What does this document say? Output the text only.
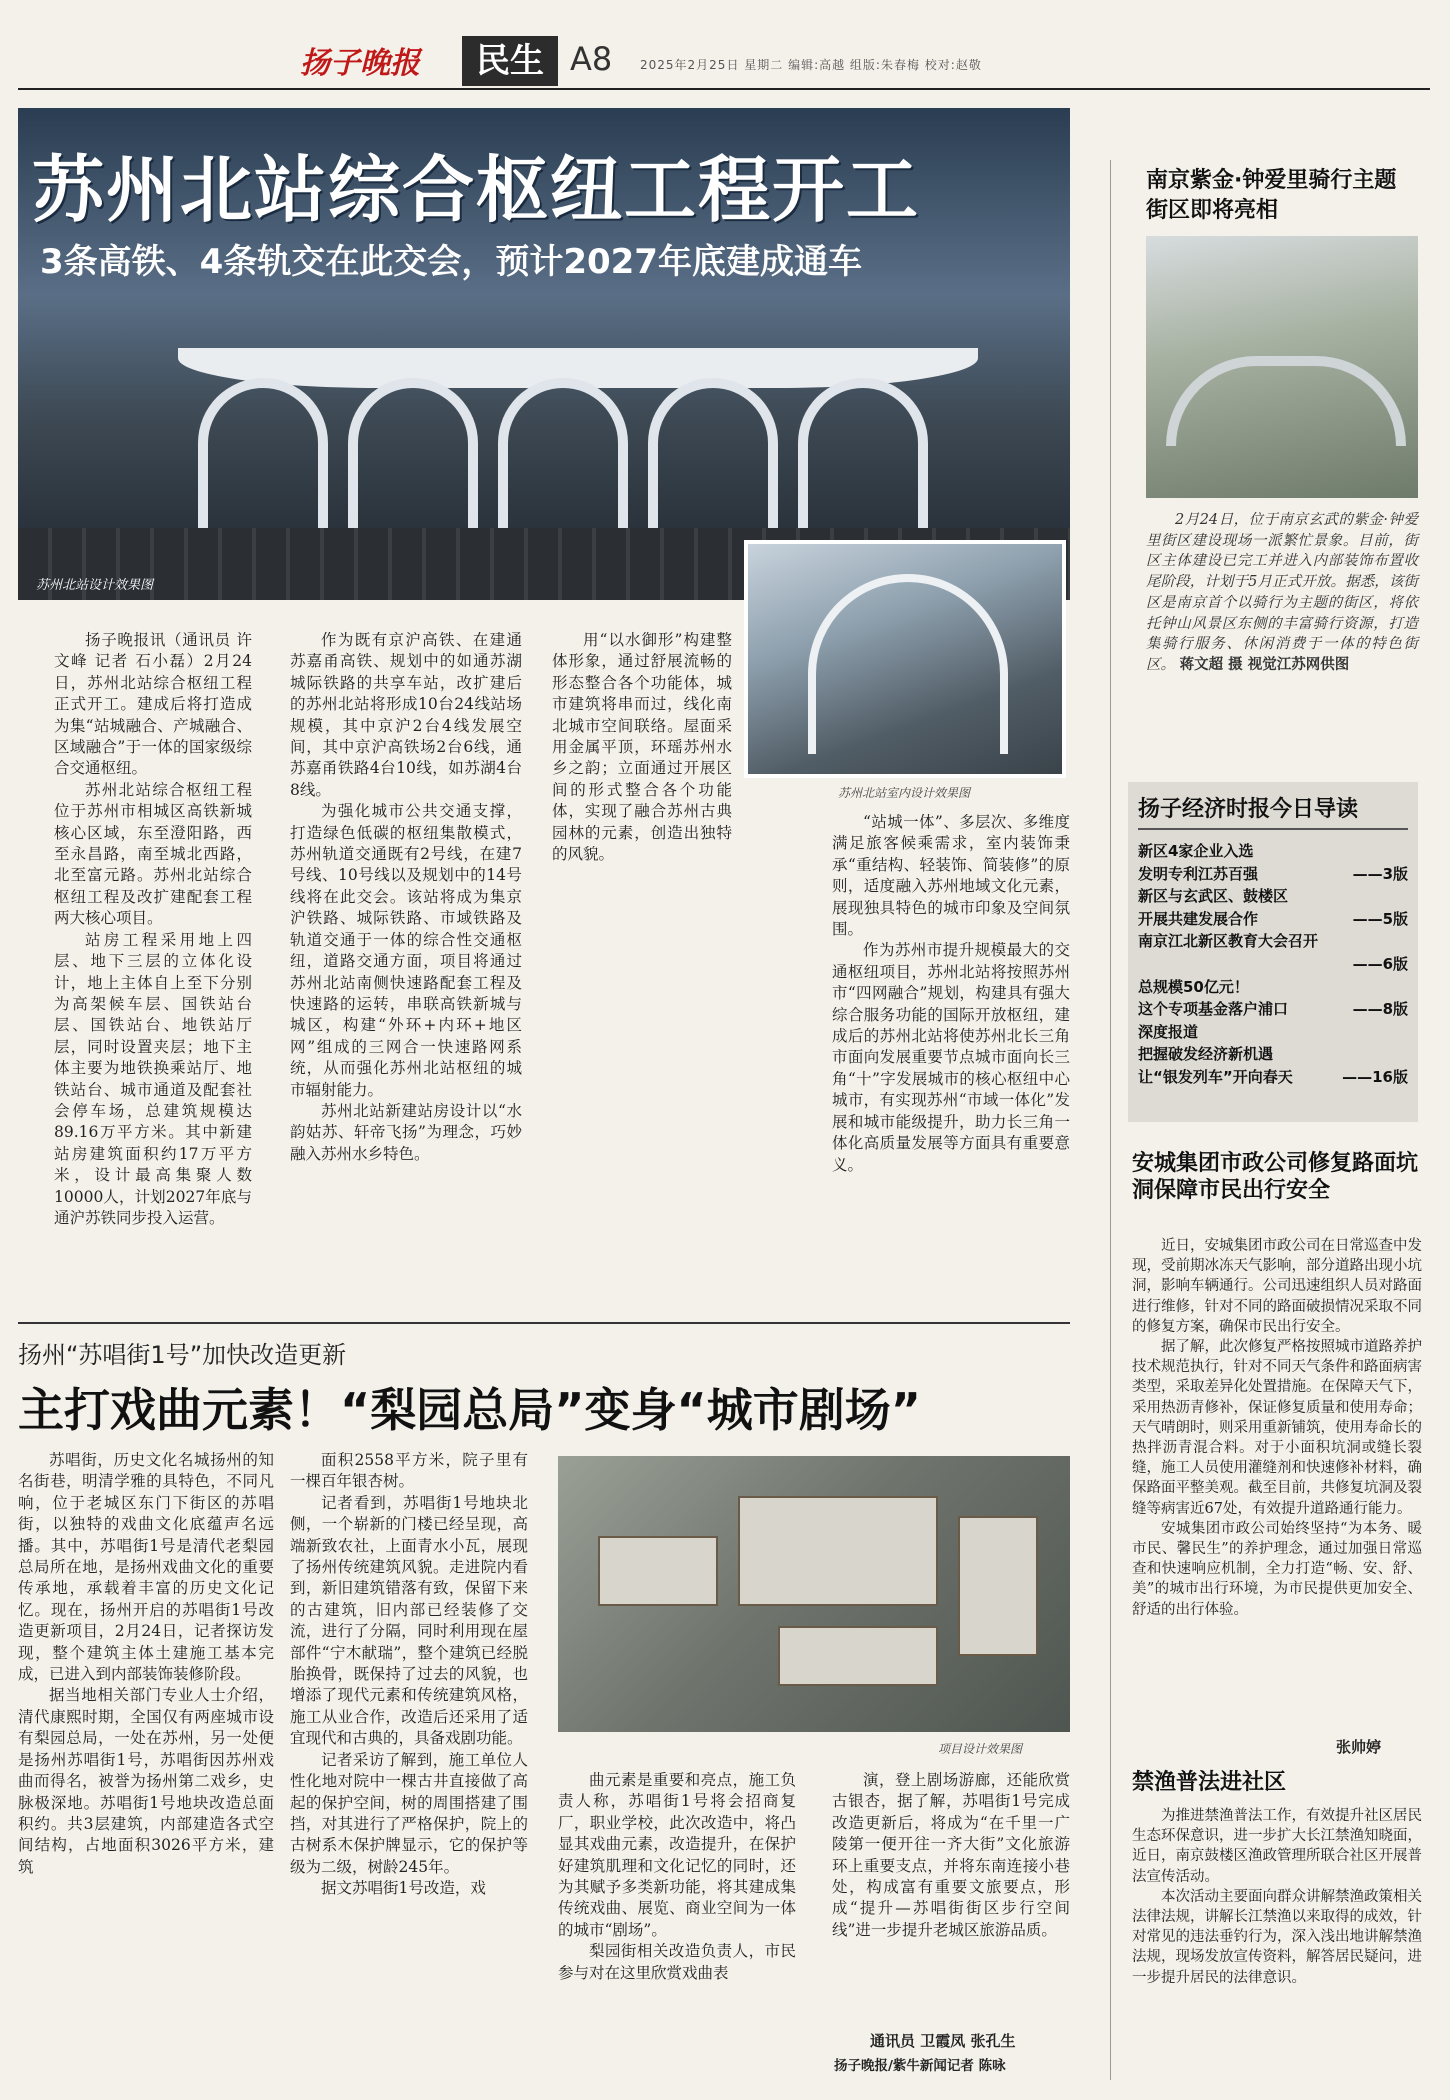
扬子晚报	民生 A8 2025年2月25日 星期二 编辑:高越 组版:朱春梅 校对:赵敬
苏州北站综合枢纽工程开工
3条高铁、4条轨交在此交会，预计2027年底建成通车
苏州北站设计效果图
苏州北站室内设计效果图

扬子晚报讯（通讯员 许文峰 记者 石小磊）2月24日，苏州北站综合枢纽工程正式开工。建成后将打造成为集“站城融合、产城融合、区域融合”于一体的国家级综合交通枢纽。

苏州北站综合枢纽工程位于苏州市相城区高铁新城核心区域，东至澄阳路，西至永昌路，南至城北西路，北至富元路。苏州北站综合枢纽工程及改扩建配套工程两大核心项目。

站房工程采用地上四层、地下三层的立体化设计，地上主体自上至下分别为高架候车层、国铁站台层、国铁站台、地铁站厅层，同时设置夹层；地下主体主要为地铁换乘站厅、地铁站台、城市通道及配套社会停车场，总建筑规模达89.16万平方米。其中新建站房建筑面积约17万平方米，设计最高集聚人数10000人，计划2027年底与通沪苏铁同步投入运营。

作为既有京沪高铁、在建通苏嘉甬高铁、规划中的如通苏湖城际铁路的共享车站，改扩建后的苏州北站将形成10台24线站场规模，其中京沪2台4线发展空间，其中京沪高铁场2台6线，通苏嘉甬铁路4台10线，如苏湖4台8线。

为强化城市公共交通支撑，打造绿色低碳的枢纽集散模式，苏州轨道交通既有2号线，在建7号线、10号线以及规划中的14号线将在此交会。该站将成为集京沪铁路、城际铁路、市域铁路及轨道交通于一体的综合性交通枢纽，道路交通方面，项目将通过苏州北站南侧快速路配套工程及快速路的运转，串联高铁新城与城区，构建“外环+内环+地区网”组成的三网合一快速路网系统，从而强化苏州北站枢纽的城市辐射能力。

苏州北站新建站房设计以“水韵姑苏、轩帝飞扬”为理念，巧妙融入苏州水乡特色。

用“以水御形”构建整体形象，通过舒展流畅的形态整合各个功能体，城市建筑将串而过，线化南北城市空间联络。屋面采用金属平顶，环瑶苏州水乡之韵；立面通过开展区间的形式整合各个功能体，实现了融合苏州古典园林的元素，创造出独特的风貌。

“站城一体”、多层次、多维度满足旅客候乘需求，室内装饰秉承“重结构、轻装饰、简装修”的原则，适度融入苏州地域文化元素，展现独具特色的城市印象及空间氛围。

作为苏州市提升规模最大的交通枢纽项目，苏州北站将按照苏州市“四网融合”规划，构建具有强大综合服务功能的国际开放枢纽，建成后的苏州北站将使苏州北长三角市面向发展重要节点城市面向长三角“十”字发展城市的核心枢纽中心城市，有实现苏州“市域一体化”发展和城市能级提升，助力长三角一体化高质量发展等方面具有重要意义。

扬州“苏唱街1号”加快改造更新
主打戏曲元素！“梨园总局”变身“城市剧场”

苏唱街，历史文化名城扬州的知名街巷，明清学雅的具特色，不同凡响，位于老城区东门下街区的苏唱街，以独特的戏曲文化底蕴声名远播。其中，苏唱街1号是清代老梨园总局所在地，是扬州戏曲文化的重要传承地，承载着丰富的历史文化记忆。现在，扬州开启的苏唱街1号改造更新项目，2月24日，记者探访发现，整个建筑主体土建施工基本完成，已进入到内部装饰装修阶段。

据当地相关部门专业人士介绍，清代康熙时期，全国仅有两座城市设有梨园总局，一处在苏州，另一处便是扬州苏唱街1号，苏唱街因苏州戏曲而得名，被誉为扬州第二戏乡，史脉极深地。苏唱街1号地块改造总面积约。共3层建筑，内部建造各式空间结构，占地面积3026平方米，建筑

面积2558平方米，院子里有一棵百年银杏树。

记者看到，苏唱街1号地块北侧，一个崭新的门楼已经呈现，高端新致农社，上面青水小瓦，展现了扬州传统建筑风貌。走进院内看到，新旧建筑错落有致，保留下来的古建筑，旧内部已经装修了交流，进行了分隔，同时利用现在屋部件“宁木献瑞”，整个建筑已经脱胎换骨，既保持了过去的风貌，也增添了现代元素和传统建筑风格，施工从业合作，改造后还采用了适宜现代和古典的，具备戏剧功能。

记者采访了解到，施工单位人性化地对院中一棵古井直接做了高起的保护空间，树的周围搭建了围挡，对其进行了严格保护，院上的古树系木保护牌显示，它的保护等级为二级，树龄245年。

据文苏唱街1号改造，戏

项目设计效果图

曲元素是重要和亮点，施工负责人称，苏唱街1号将会招商复厂，职业学校，此次改造中，将凸显其戏曲元素，改造提升，在保护好建筑肌理和文化记忆的同时，还为其赋予多类新功能，将其建成集传统戏曲、展览、商业空间为一体的城市“剧场”。

梨园街相关改造负责人，市民参与对在这里欣赏戏曲表

演，登上剧场游廊，还能欣赏古银杏，据了解，苏唱街1号完成改造更新后，将成为“在千里一广陵第一便开往一齐大街”文化旅游环上重要支点，并将东南连接小巷处，构成富有重要文旅要点，形成“提升—苏唱街街区步行空间线”进一步提升老城区旅游品质。

通讯员 卫霞凤 张孔生
扬子晚报/紫牛新闻记者 陈咏
南京紫金·钟爱里骑行主题街区即将亮相
2月24日，位于南京玄武的紫金·钟爱里街区建设现场一派繁忙景象。目前，街区主体建设已完工并进入内部装饰布置收尾阶段，计划于5月正式开放。据悉，该街区是南京首个以骑行为主题的街区，将依托钟山风景区东侧的丰富骑行资源，打造集骑行服务、休闲消费于一体的特色街区。 蒋文超 摄 视觉江苏网供图
扬子经济时报今日导读
新区4家企业入选
发明专利江苏百强	——3版
新区与玄武区、鼓楼区
开展共建发展合作	——5版
南京江北新区教育大会召开
——6版
总规模50亿元！
这个专项基金落户浦口	——8版
深度报道
把握破发经济新机遇
让“银发列车”开向春天	——16版
安城集团市政公司修复路面坑洞保障市民出行安全

近日，安城集团市政公司在日常巡查中发现，受前期冰冻天气影响，部分道路出现小坑洞，影响车辆通行。公司迅速组织人员对路面进行维修，针对不同的路面破损情况采取不同的修复方案，确保市民出行安全。

据了解，此次修复严格按照城市道路养护技术规范执行，针对不同天气条件和路面病害类型，采取差异化处置措施。在保障天气下，采用热沥青修补，保证修复质量和使用寿命；天气晴朗时，则采用重新铺筑，使用寿命长的热拌沥青混合料。对于小面积坑洞或缝长裂缝，施工人员使用灌缝剂和快速修补材料，确保路面平整美观。截至目前，共修复坑洞及裂缝等病害近67处，有效提升道路通行能力。

安城集团市政公司始终坚持“为本务、暖市民、馨民生”的养护理念，通过加强日常巡查和快速响应机制，全力打造“畅、安、舒、美”的城市出行环境，为市民提供更加安全、舒适的出行体验。

张帅婷
禁渔普法进社区

为推进禁渔普法工作，有效提升社区居民生态环保意识，进一步扩大长江禁渔知晓面，近日，南京鼓楼区渔政管理所联合社区开展普法宣传活动。

本次活动主要面向群众讲解禁渔政策相关法律法规，讲解长江禁渔以来取得的成效，针对常见的违法垂钓行为，深入浅出地讲解禁渔法规，现场发放宣传资料，解答居民疑问，进一步提升居民的法律意识。
